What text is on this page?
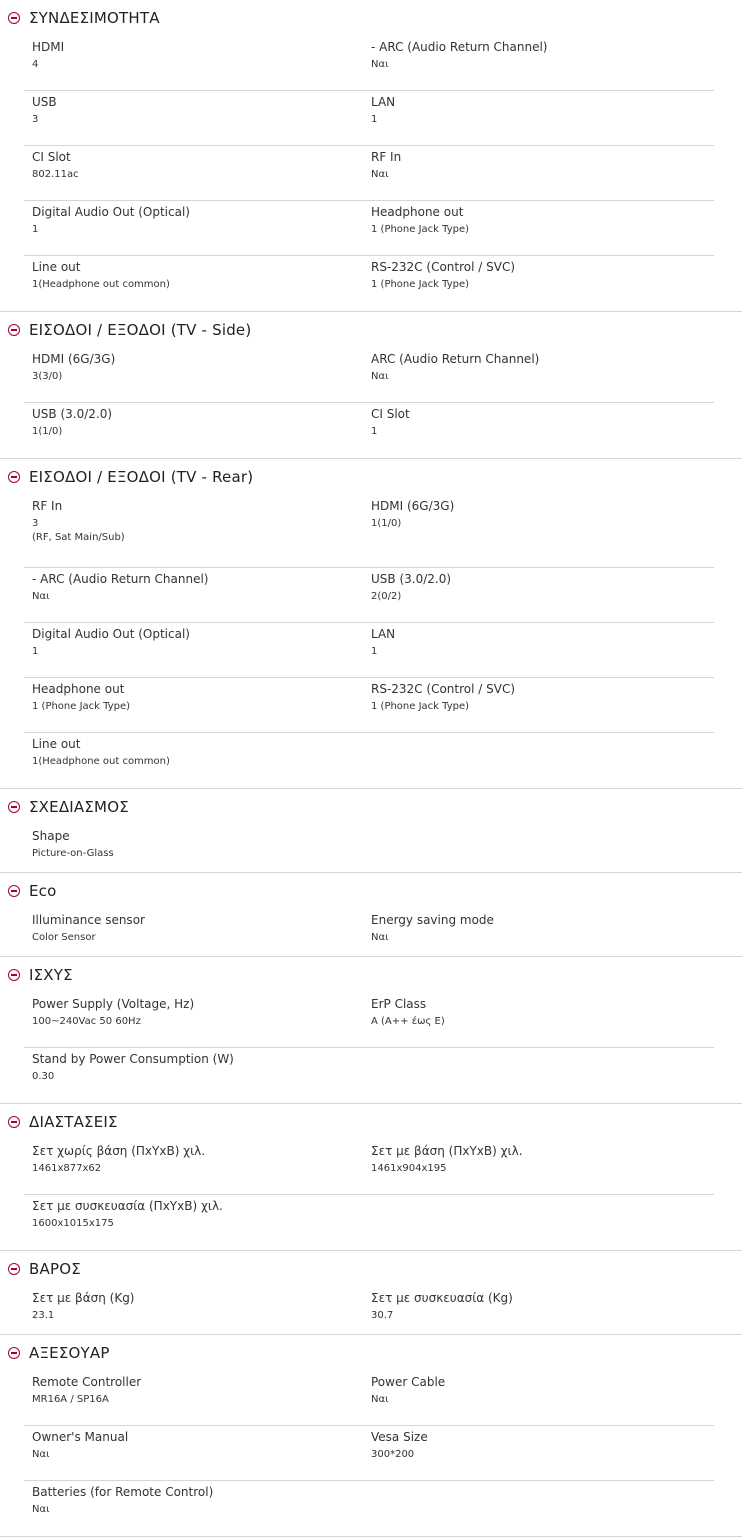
ΣΥΝΔΕΣΙΜΟΤΗΤΑ
HDMI
4
- ARC (Audio Return Channel)
Ναι
USB
3
LAN
1
CI Slot
802.11ac
RF In
Ναι
Digital Audio Out (Optical)
1
Headphone out
1 (Phone Jack Type)
Line out
1(Headphone out common)
RS-232C (Control / SVC)
1 (Phone Jack Type)
ΕΙΣΟΔΟΙ / ΕΞΟΔΟΙ (TV - Side)
HDMI (6G/3G)
3(3/0)
ARC (Audio Return Channel)
Ναι
USB (3.0/2.0)
1(1/0)
CI Slot
1
ΕΙΣΟΔΟΙ / ΕΞΟΔΟΙ (TV - Rear)
RF In
3
(RF, Sat Main/Sub)
HDMI (6G/3G)
1(1/0)
- ARC (Audio Return Channel)
Ναι
USB (3.0/2.0)
2(0/2)
Digital Audio Out (Optical)
1
LAN
1
Headphone out
1 (Phone Jack Type)
RS-232C (Control / SVC)
1 (Phone Jack Type)
Line out
1(Headphone out common)
ΣΧΕΔΙΑΣΜΟΣ
Shape
Picture-on-Glass
Eco
Illuminance sensor
Color Sensor
Energy saving mode
Ναι
ΙΣΧΥΣ
Power Supply (Voltage, Hz)
100~240Vac 50 60Hz
ErP Class
A (A++ έως E)
Stand by Power Consumption (W)
0.30
ΔΙΑΣΤΑΣΕΙΣ
Σετ χωρίς βάση (ΠxΥxΒ) χιλ.
1461x877x62
Σετ με βάση (ΠxΥxΒ) χιλ.
1461x904x195
Σετ με συσκευασία (ΠxΥxΒ) χιλ.
1600x1015x175
ΒΑΡΟΣ
Σετ με βάση (Kg)
23.1
Σετ με συσκευασία (Kg)
30.7
ΑΞΕΣΟΥΑΡ
Remote Controller
MR16A / SP16A
Power Cable
Ναι
Owner's Manual
Ναι
Vesa Size
300*200
Batteries (for Remote Control)
Ναι
